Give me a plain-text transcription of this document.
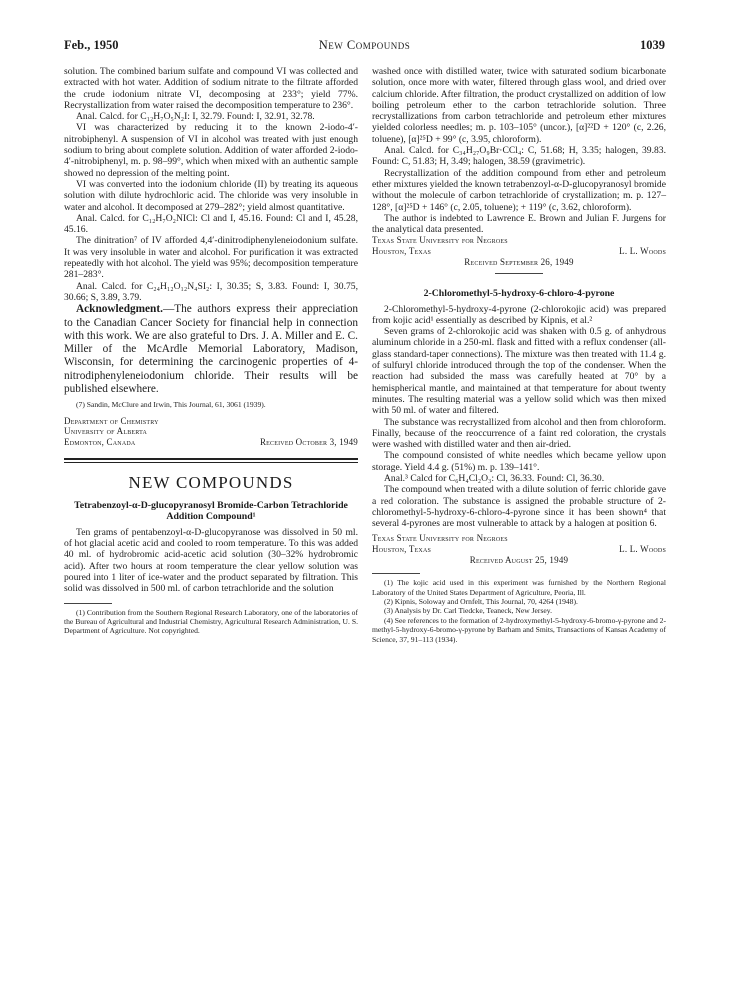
Feb., 1950	New Compounds	1039

solution. The combined barium sulfate and compound VI was collected and extracted with hot water. Addition of sodium nitrate to the filtrate afforded the crude iodonium nitrate VI, decomposing at 233°; yield 77%. Recrystallization from water raised the decomposition temperature to 236°.

Anal. Calcd. for C₁₂H₇O₅N₂I: I, 32.79. Found: I, 32.91, 32.78.

VI was characterized by reducing it to the known 2-iodo-4′-nitrobiphenyl. A suspension of VI in alcohol was treated with just enough sodium to bring about complete solution. Addition of water afforded 2-iodo-4′-nitrobiphenyl, m. p. 98–99°, which when mixed with an authentic sample showed no depression of the melting point.

VI was converted into the iodonium chloride (II) by treating its aqueous solution with dilute hydrochloric acid. The chloride was very insoluble in water and alcohol. It decomposed at 279–282°; yield almost quantitative.

Anal. Calcd. for C₁₂H₇O₂NICl: Cl and I, 45.16. Found: Cl and I, 45.28, 45.16.

The dinitration⁷ of IV afforded 4,4′-dinitrodiphenyleneiodonium sulfate. It was very insoluble in water and alcohol. For purification it was extracted repeatedly with hot alcohol. The yield was 95%; decomposition temperature 281–283°.

Anal. Calcd. for C₂₄H₁₂O₁₂N₄SI₂: I, 30.35; S, 3.83. Found: I, 30.75, 30.66; S, 3.89, 3.79.

Acknowledgment.—The authors express their appreciation to the Canadian Cancer Society for financial help in connection with this work. We are also grateful to Drs. J. A. Miller and E. C. Miller of the McArdle Memorial Laboratory, Madison, Wisconsin, for determining the carcinogenic properties of 4-nitrodiphenyleneiodonium chloride. Their results will be published elsewhere.

(7) Sandin, McClure and Irwin, This Journal, 61, 3061 (1939).

Department of Chemistry
University of Alberta
Edmonton, Canada	Received October 3, 1949
NEW COMPOUNDS
Tetrabenzoyl-α-D-glucopyranosyl Bromide-Carbon Tetrachloride Addition Compound¹

Ten grams of pentabenzoyl-α-D-glucopyranose was dissolved in 50 ml. of hot glacial acetic acid and cooled to room temperature. To this was added 40 ml. of hydrobromic acid-acetic acid solution (30–32% hydrobromic acid). After two hours at room temperature the clear yellow solution was poured into 1 liter of ice-water and the product separated by filtration. This solid was dissolved in 500 ml. of carbon tetrachloride and the solution

(1) Contribution from the Southern Regional Research Laboratory, one of the laboratories of the Bureau of Agricultural and Industrial Chemistry, Agricultural Research Administration, U. S. Department of Agriculture. Not copyrighted.

washed once with distilled water, twice with saturated sodium bicarbonate solution, once more with water, filtered through glass wool, and dried over calcium chloride. After filtration, the product crystallized on addition of low boiling petroleum ether to the carbon tetrachloride solution. Three recrystallizations from carbon tetrachloride and petroleum ether mixtures yielded colorless needles; m. p. 103–105° (uncor.), [α]²²D + 120° (c, 2.26, toluene), [α]²⁵D + 99° (c, 3.95, chloroform).

Anal. Calcd. for C₃₄H₂₇O₉Br·CCl₄: C, 51.68; H, 3.35; halogen, 39.83. Found: C, 51.83; H, 3.49; halogen, 38.59 (gravimetric).

Recrystallization of the addition compound from ether and petroleum ether mixtures yielded the known tetrabenzoyl-α-D-glucopyranosyl bromide without the molecule of carbon tetrachloride of crystallization; m. p. 127–128°, [α]²⁵D + 146° (c, 2.05, toluene); + 119° (c, 3.62, chloroform).

The author is indebted to Lawrence E. Brown and Julian F. Jurgens for the analytical data presented.

Texas State University for Negroes
Houston, Texas	L. L. Woods
Received September 26, 1949
2-Chloromethyl-5-hydroxy-6-chloro-4-pyrone

2-Chloromethyl-5-hydroxy-4-pyrone (2-chlorokojic acid) was prepared from kojic acid¹ essentially as described by Kipnis, et al.²

Seven grams of 2-chlorokojic acid was shaken with 0.5 g. of anhydrous aluminum chloride in a 250-ml. flask and fitted with a reflux condenser (all-glass standard-taper connections). The mixture was then treated with 11.4 g. of sulfuryl chloride introduced through the top of the condenser. When the reaction had subsided the mass was carefully heated at 70° by a hemispherical mantle, and maintained at that temperature for about twenty minutes. The resulting material was a yellow solid which was then mixed with 50 ml. of water and filtered.

The substance was recrystallized from alcohol and then from chloroform. Finally, because of the reoccurrence of a faint red coloration, the crystals were washed with distilled water and then air-dried.

The compound consisted of white needles which became yellow upon storage. Yield 4.4 g. (51%) m. p. 139–141°.

Anal.³ Calcd for C₆H₄Cl₂O₃: Cl, 36.33. Found: Cl, 36.30.

The compound when treated with a dilute solution of ferric chloride gave a red coloration. The substance is assigned the probable structure of 2-chloromethyl-5-hydroxy-6-chloro-4-pyrone since it has been shown⁴ that several 4-pyrones are most vulnerable to attack by a halogen at position 6.

Texas State University for Negroes
Houston, Texas	L. L. Woods
Received August 25, 1949

(1) The kojic acid used in this experiment was furnished by the Northern Regional Laboratory of the United States Department of Agriculture, Peoria, Ill.

(2) Kipnis, Soloway and Ornfelt, This Journal, 70, 4264 (1948).

(3) Analysis by Dr. Carl Tiedcke, Teaneck, New Jersey.

(4) See references to the formation of 2-hydroxymethyl-5-hydroxy-6-bromo-γ-pyrone and 2-methyl-5-hydroxy-6-bromo-γ-pyrone by Barham and Smits, Transactions of Kansas Academy of Science, 37, 91–113 (1934).
